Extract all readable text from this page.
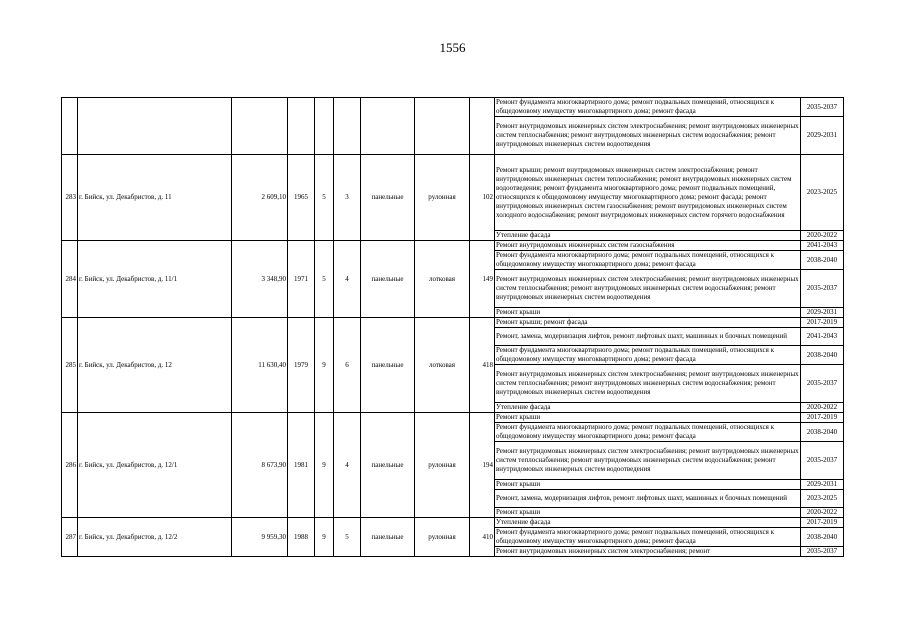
1556
									Ремонт фундамента многоквартирного дома; ремонт подвальных помещений, относящихся к общедомовому имуществу многоквартирного дома; ремонт фасада	2035-2037
									Ремонт внутридомовых инженерных систем электроснабжения; ремонт внутридомовых инженерных систем теплоснабжения; ремонт внутридомовых инженерных систем водоснабжения; ремонт внутридомовых инженерных систем водоотведения	2029-2031
283	г. Бийск, ул. Декабристов, д. 11	2 609,10	1965	5	3	панельные	рулонная	102	Ремонт крыши; ремонт внутридомовых инженерных систем электроснабжения; ремонт внутридомовых инженерных систем теплоснабжения; ремонт внутридомовых инженерных систем водоотведения; ремонт фундамента многоквартирного дома; ремонт подвальных помещений, относящихся к общедомовому имуществу многоквартирного дома; ремонт фасада; ремонт внутридомовых инженерных систем газоснабжения; ремонт внутридомовых инженерных систем холодного водоснабжения; ремонт внутридомовых инженерных систем горячего водоснабжения	2023-2025
									Утепление фасада	2020-2022
284	г. Бийск, ул. Декабристов, д. 11/1	3 348,90	1971	5	4	панельные	лотковая	149	Ремонт внутридомовых инженерных систем газоснабжения	2041-2043
									Ремонт фундамента многоквартирного дома; ремонт подвальных помещений, относящихся к общедомовому имуществу многоквартирного дома; ремонт фасада	2038-2040
									Ремонт внутридомовых инженерных систем электроснабжения; ремонт внутридомовых инженерных систем теплоснабжения; ремонт внутридомовых инженерных систем водоснабжения; ремонт внутридомовых инженерных систем водоотведения	2035-2037
									Ремонт крыши	2029-2031
285	г. Бийск, ул. Декабристов, д. 12	11 630,40	1979	9	6	панельные	лотковая	418	Ремонт крыши; ремонт фасада	2017-2019
									Ремонт, замена, модернизация лифтов, ремонт лифтовых шахт, машинных и блочных помещений	2041-2043
									Ремонт фундамента многоквартирного дома; ремонт подвальных помещений, относящихся к общедомовому имуществу многоквартирного дома; ремонт фасада	2038-2040
									Ремонт внутридомовых инженерных систем электроснабжения; ремонт внутридомовых инженерных систем теплоснабжения; ремонт внутридомовых инженерных систем водоснабжения; ремонт внутридомовых инженерных систем водоотведения	2035-2037
									Утепление фасада	2020-2022
286	г. Бийск, ул. Декабристов, д. 12/1	8 673,90	1981	9	4	панельные	рулонная	194	Ремонт крыши	2017-2019
									Ремонт фундамента многоквартирного дома; ремонт подвальных помещений, относящихся к общедомовому имуществу многоквартирного дома; ремонт фасада	2038-2040
									Ремонт внутридомовых инженерных систем электроснабжения; ремонт внутридомовых инженерных систем теплоснабжения; ремонт внутридомовых инженерных систем водоснабжения; ремонт внутридомовых инженерных систем водоотведения	2035-2037
									Ремонт крыши	2029-2031
									Ремонт, замена, модернизация лифтов, ремонт лифтовых шахт, машинных и блочных помещений	2023-2025
									Ремонт крыши	2020-2022
287	г. Бийск, ул. Декабристов, д. 12/2	9 959,30	1988	9	5	панельные	рулонная	410	Утепление фасада	2017-2019
									Ремонт фундамента многоквартирного дома; ремонт подвальных помещений, относящихся к общедомовому имуществу многоквартирного дома; ремонт фасада	2038-2040
									Ремонт внутридомовых инженерных систем электроснабжения; ремонт	2035-2037
